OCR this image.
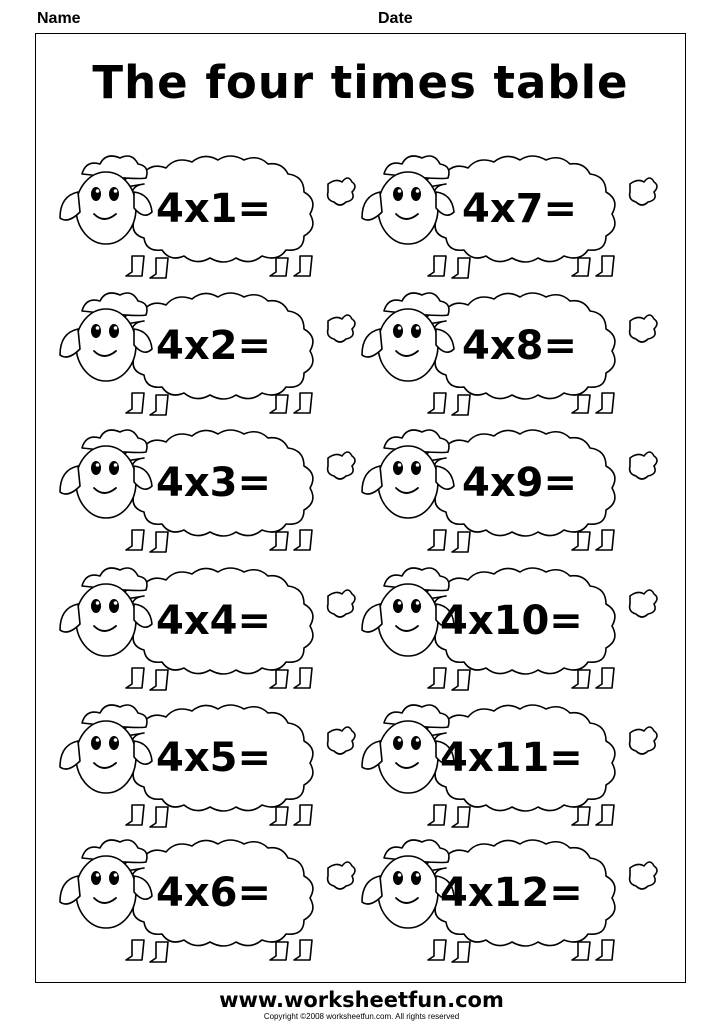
Name	Date
The four times table
4x1=	4x7=
4x2=	4x8=
4x3=	4x9=
4x4=	4x10=
4x5=	4x11=
4x6=	4x12=
www.worksheetfun.com
Copyright ©2008 worksheetfun.com. All rights reserved
